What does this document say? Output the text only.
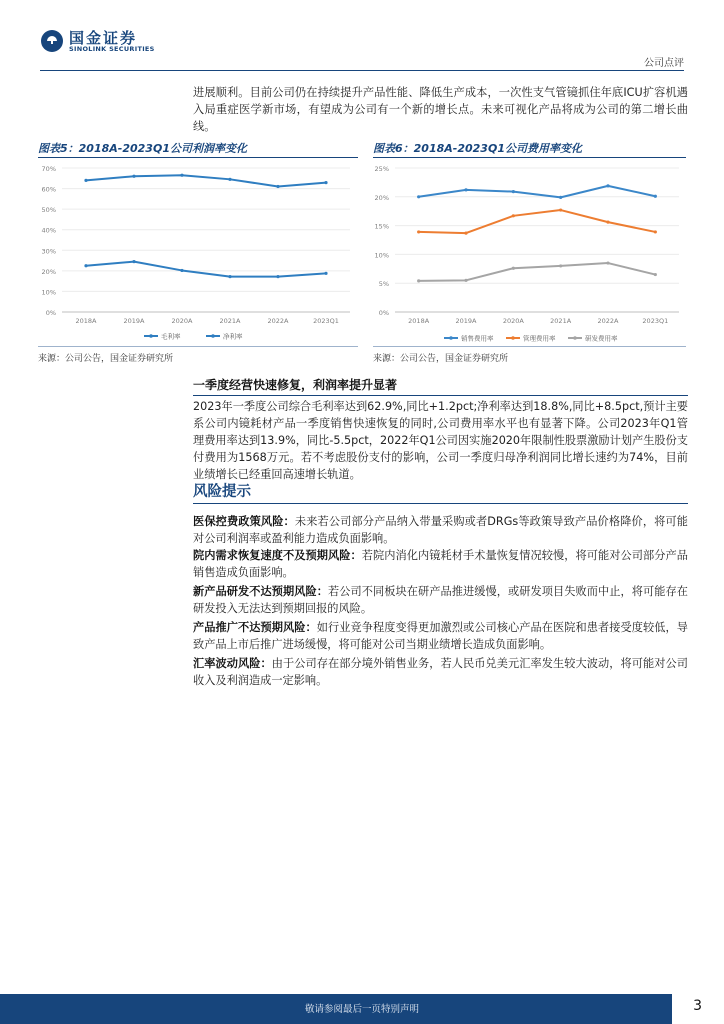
国金证券
SINOLINK SECURITIES
公司点评
进展顺利。目前公司仍在持续提升产品性能、降低生产成本，一次性支气管镜抓住年底ICU扩容机遇入局重症医学新市场，有望成为公司有一个新的增长点。未来可视化产品将成为公司的第二增长曲线。
图表5：2018A-2023Q1公司利润率变化
0%
10%
20%
30%
40%
50%
60%
70%
2018A	2019A	2020A	2021A	2022A	2023Q1
毛利率	净利率
来源：公司公告，国金证券研究所
图表6：2018A-2023Q1公司费用率变化
0%
5%
10%
15%
20%
25%
2018A	2019A	2020A	2021A	2022A	2023Q1
销售费用率	管理费用率	研发费用率
来源：公司公告，国金证券研究所
一季度经营快速修复，利润率提升显著
2023年一季度公司综合毛利率达到62.9%,同比+1.2pct;净利率达到18.8%,同比+8.5pct,预计主要系公司内镜耗材产品一季度销售快速恢复的同时,公司费用率水平也有显著下降。公司2023年Q1管理费用率达到13.9%，同比-5.5pct，2022年Q1公司因实施2020年限制性股票激励计划产生股份支付费用为1568万元。若不考虑股份支付的影响，公司一季度归母净利润同比增长速约为74%，目前业绩增长已经重回高速增长轨道。
风险提示
医保控费政策风险：未来若公司部分产品纳入带量采购或者DRGs等政策导致产品价格降价，将可能对公司利润率或盈利能力造成负面影响。
院内需求恢复速度不及预期风险：若院内消化内镜耗材手术量恢复情况较慢，将可能对公司部分产品销售造成负面影响。
新产品研发不达预期风险：若公司不同板块在研产品推进缓慢，或研发项目失败而中止，将可能存在研发投入无法达到预期回报的风险。
产品推广不达预期风险：如行业竞争程度变得更加激烈或公司核心产品在医院和患者接受度较低，导致产品上市后推广进场缓慢，将可能对公司当期业绩增长造成负面影响。
汇率波动风险：由于公司存在部分境外销售业务，若人民币兑美元汇率发生较大波动，将可能对公司收入及利润造成一定影响。
敬请参阅最后一页特别声明	3
